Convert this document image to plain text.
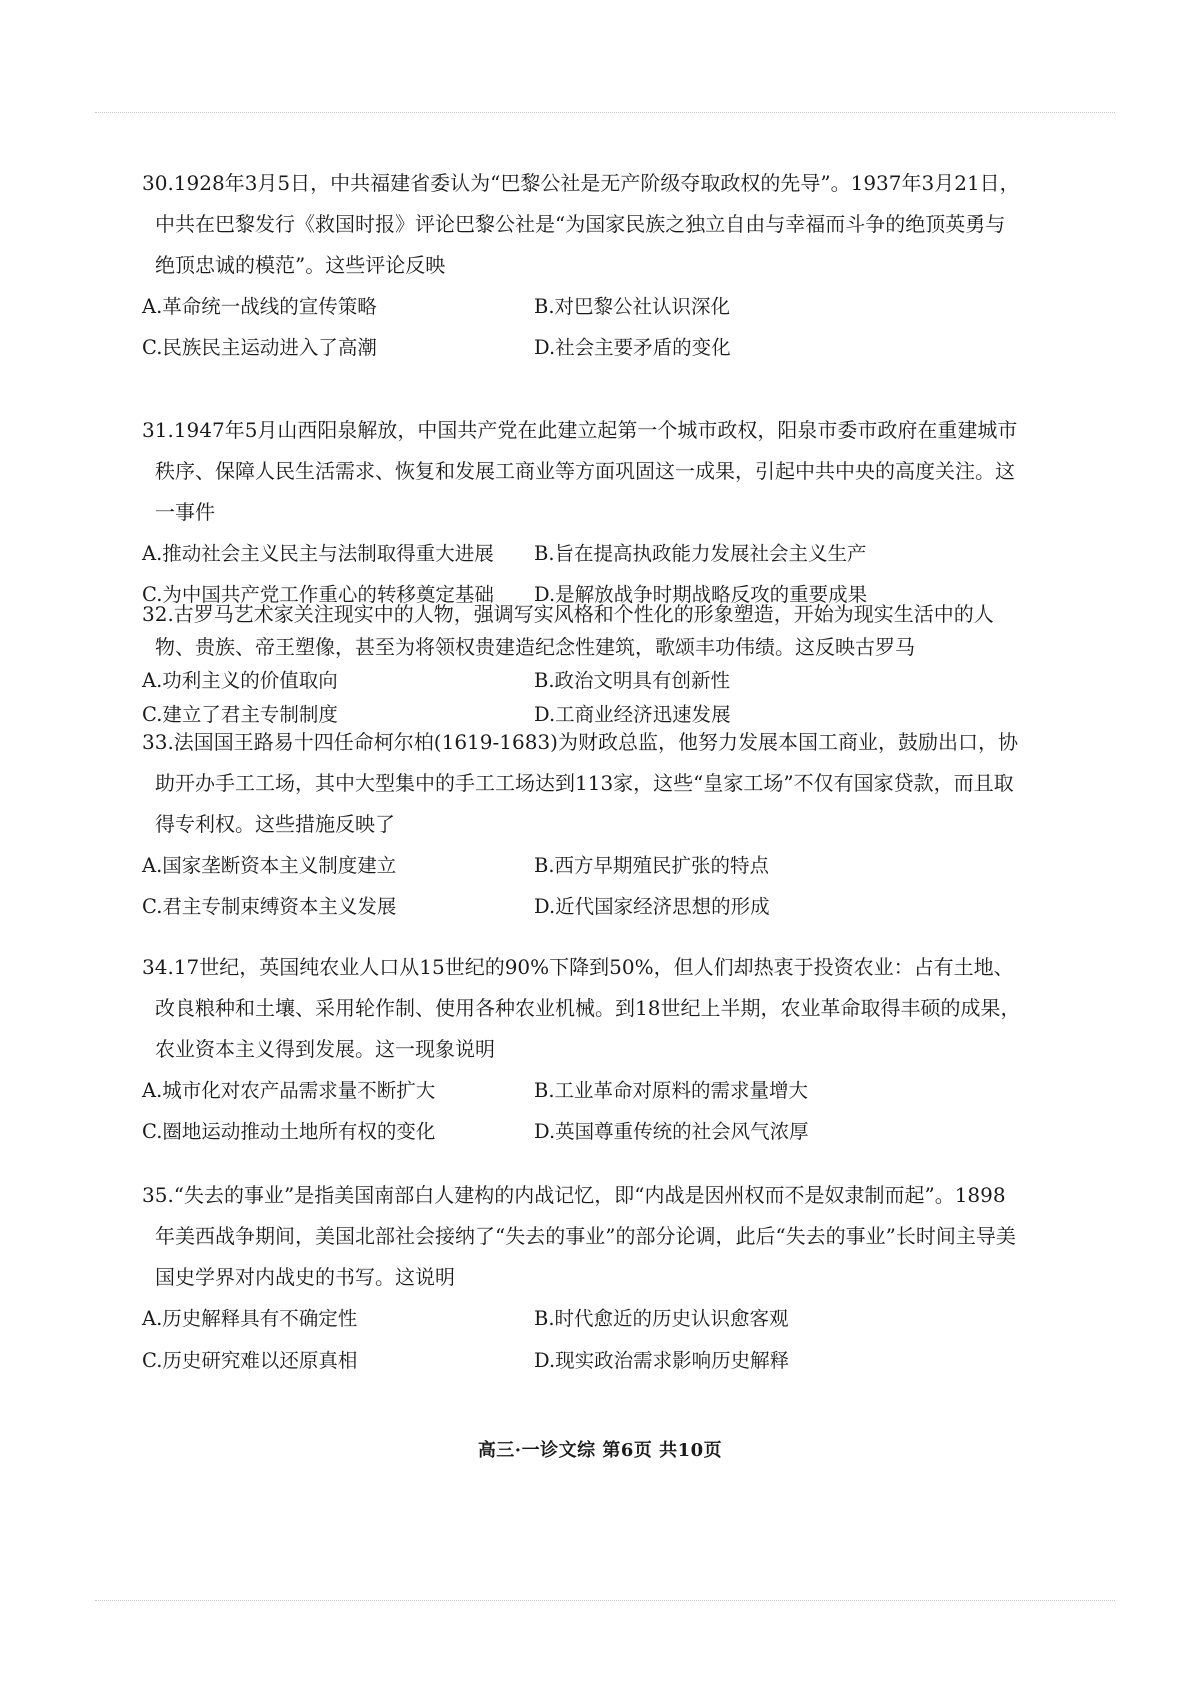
30.1928年3月5日，中共福建省委认为“巴黎公社是无产阶级夺取政权的先导”。1937年3月21日，中共在巴黎发行《救国时报》评论巴黎公社是“为国家民族之独立自由与幸福而斗争的绝顶英勇与绝顶忠诚的模范”。这些评论反映

A.革命统一战线的宣传策略	B.对巴黎公社认识深化
C.民族民主运动进入了高潮	D.社会主要矛盾的变化

31.1947年5月山西阳泉解放，中国共产党在此建立起第一个城市政权，阳泉市委市政府在重建城市秩序、保障人民生活需求、恢复和发展工商业等方面巩固这一成果，引起中共中央的高度关注。这一事件

A.推动社会主义民主与法制取得重大进展	B.旨在提高执政能力发展社会主义生产
C.为中国共产党工作重心的转移奠定基础	D.是解放战争时期战略反攻的重要成果

32.古罗马艺术家关注现实中的人物，强调写实风格和个性化的形象塑造，开始为现实生活中的人物、贵族、帝王塑像，甚至为将领权贵建造纪念性建筑，歌颂丰功伟绩。这反映古罗马

A.功利主义的价值取向	B.政治文明具有创新性
C.建立了君主专制制度	D.工商业经济迅速发展

33.法国国王路易十四任命柯尔柏(1619-1683)为财政总监，他努力发展本国工商业，鼓励出口，协助开办手工工场，其中大型集中的手工工场达到113家，这些“皇家工场”不仅有国家贷款，而且取得专利权。这些措施反映了

A.国家垄断资本主义制度建立	B.西方早期殖民扩张的特点
C.君主专制束缚资本主义发展	D.近代国家经济思想的形成

34.17世纪，英国纯农业人口从15世纪的90%下降到50%，但人们却热衷于投资农业：占有土地、改良粮种和土壤、采用轮作制、使用各种农业机械。到18世纪上半期，农业革命取得丰硕的成果，农业资本主义得到发展。这一现象说明

A.城市化对农产品需求量不断扩大	B.工业革命对原料的需求量增大
C.圈地运动推动土地所有权的变化	D.英国尊重传统的社会风气浓厚

35.“失去的事业”是指美国南部白人建构的内战记忆，即“内战是因州权而不是奴隶制而起”。1898年美西战争期间，美国北部社会接纳了“失去的事业”的部分论调，此后“失去的事业”长时间主导美国史学界对内战史的书写。这说明

A.历史解释具有不确定性	B.时代愈近的历史认识愈客观
C.历史研究难以还原真相	D.现实政治需求影响历史解释
高三·一诊文综 第6页 共10页
